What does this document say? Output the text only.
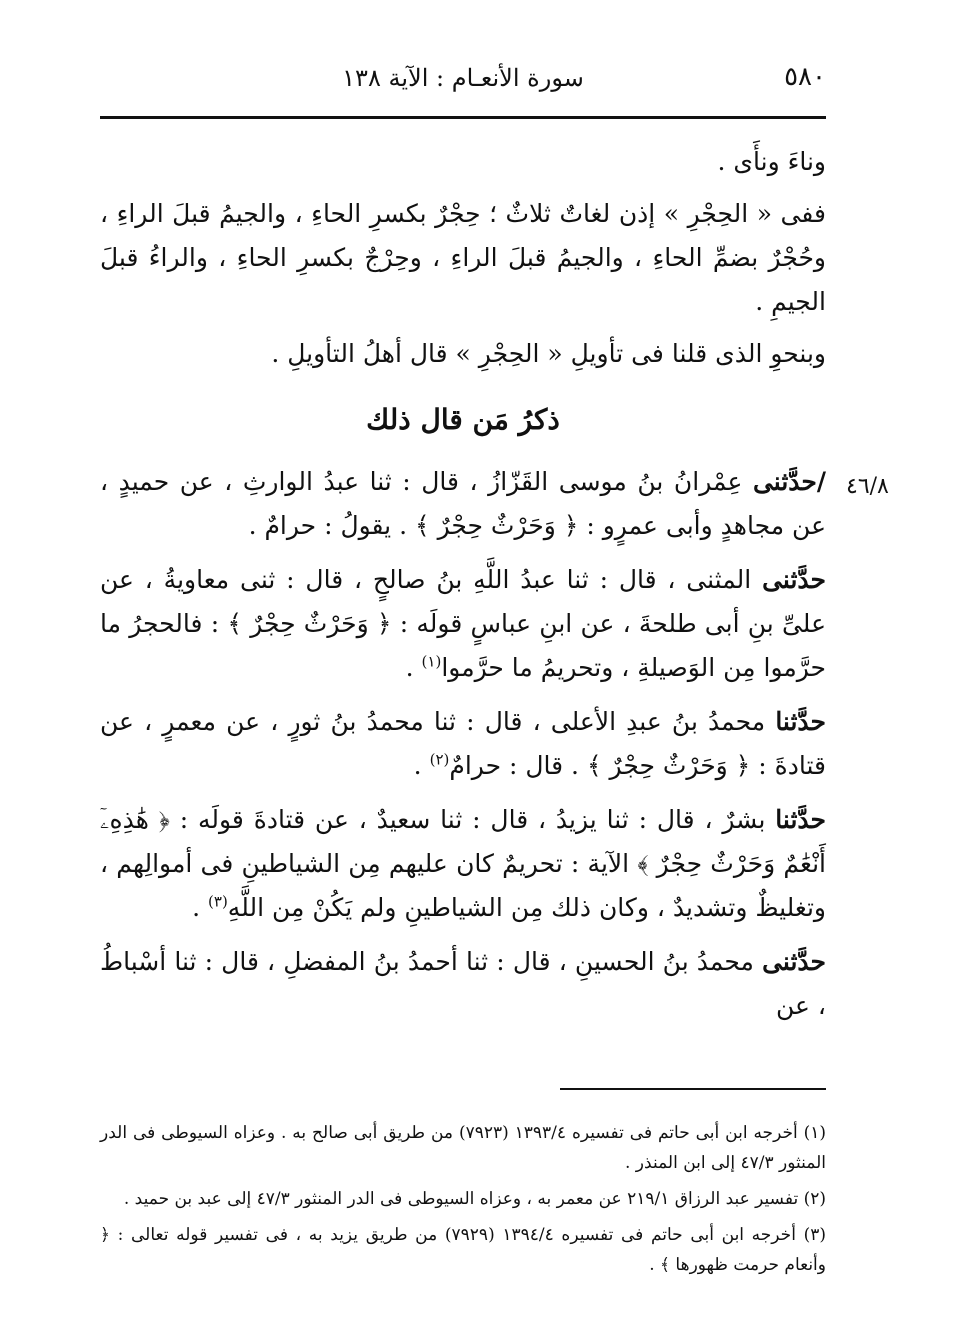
٥٨٠
سورة الأنعـام : الآية ١٣٨
٤٦/٨

وناءَ ونأَى .

ففى « الحِجْرِ » إذن لغاتٌ ثلاثٌ ؛ حِجْرٌ بكسرِ الحاءِ ، والجيمُ قبلَ الراءِ ، وحُجْرٌ بضمِّ الحاءِ ، والجيمُ قبلَ الراءِ ، وحِرْجٌ بكسرِ الحاءِ ، والراءُ قبلَ الجيمِ .

وبنحوِ الذى قلنا فى تأويلِ « الحِجْرِ » قال أهلُ التأويلِ .

ذكرُ مَن قال ذلك

/حدَّثنى عِمْرانُ بنُ موسى القَزّازُ ، قال : ثنا عبدُ الوارثِ ، عن حميدٍ ، عن مجاهدٍ وأبى عمرٍو : ﴿ وَحَرْثٌ حِجْرٌ ﴾ . يقولُ : حرامٌ .

حدَّثنى المثنى ، قال : ثنا عبدُ اللَّهِ بنُ صالحٍ ، قال : ثنى معاويةُ ، عن علىِّ بنِ أبى طلحةَ ، عن ابنِ عباسٍ قولَه : ﴿ وَحَرْثٌ حِجْرٌ ﴾ : فالحجرُ ما حرَّموا مِن الوَصيلةِ ، وتحريمُ ما حرَّموا$^{(١)}$ .

حدَّثنا محمدُ بنُ عبدِ الأعلى ، قال : ثنا محمدُ بنُ ثورٍ ، عن معمرٍ ، عن قتادةَ : ﴿ وَحَرْثٌ حِجْرٌ ﴾ . قال : حرامٌ$^{(٢)}$ .

حدَّثنا بشرٌ ، قال : ثنا يزيدُ ، قال : ثنا سعيدٌ ، عن قتادةَ قولَه : ﴿ هَٰذِهِۦٓ أَنْعَٰمٌ وَحَرْثٌ حِجْرٌ ﴾ الآية : تحريمٌ كان عليهم مِن الشياطينِ فى أموالِهم ، وتغليظٌ وتشديدٌ ، وكان ذلك مِن الشياطينِ ولم يَكُنْ مِن اللَّهِ$^{(٣)}$ .

حدَّثنى محمدُ بنُ الحسينِ ، قال : ثنا أحمدُ بنُ المفضلِ ، قال : ثنا أسْباطُ ، عن

(١) أخرجه ابن أبى حاتم فى تفسيره ١٣٩٣/٤ (٧٩٢٣) من طريق أبى صالح به . وعزاه السيوطى فى الدر المنثور ٤٧/٣ إلى ابن المنذر .

(٢) تفسير عبد الرزاق ٢١٩/١ عن معمر به ، وعزاه السيوطى فى الدر المنثور ٤٧/٣ إلى عبد بن حميد .

(٣) أخرجه ابن أبى حاتم فى تفسيره ١٣٩٤/٤ (٧٩٢٩) من طريق يزيد به ، فى تفسير قوله تعالى : ﴿ وأنعام حرمت ظهورها ﴾ .
